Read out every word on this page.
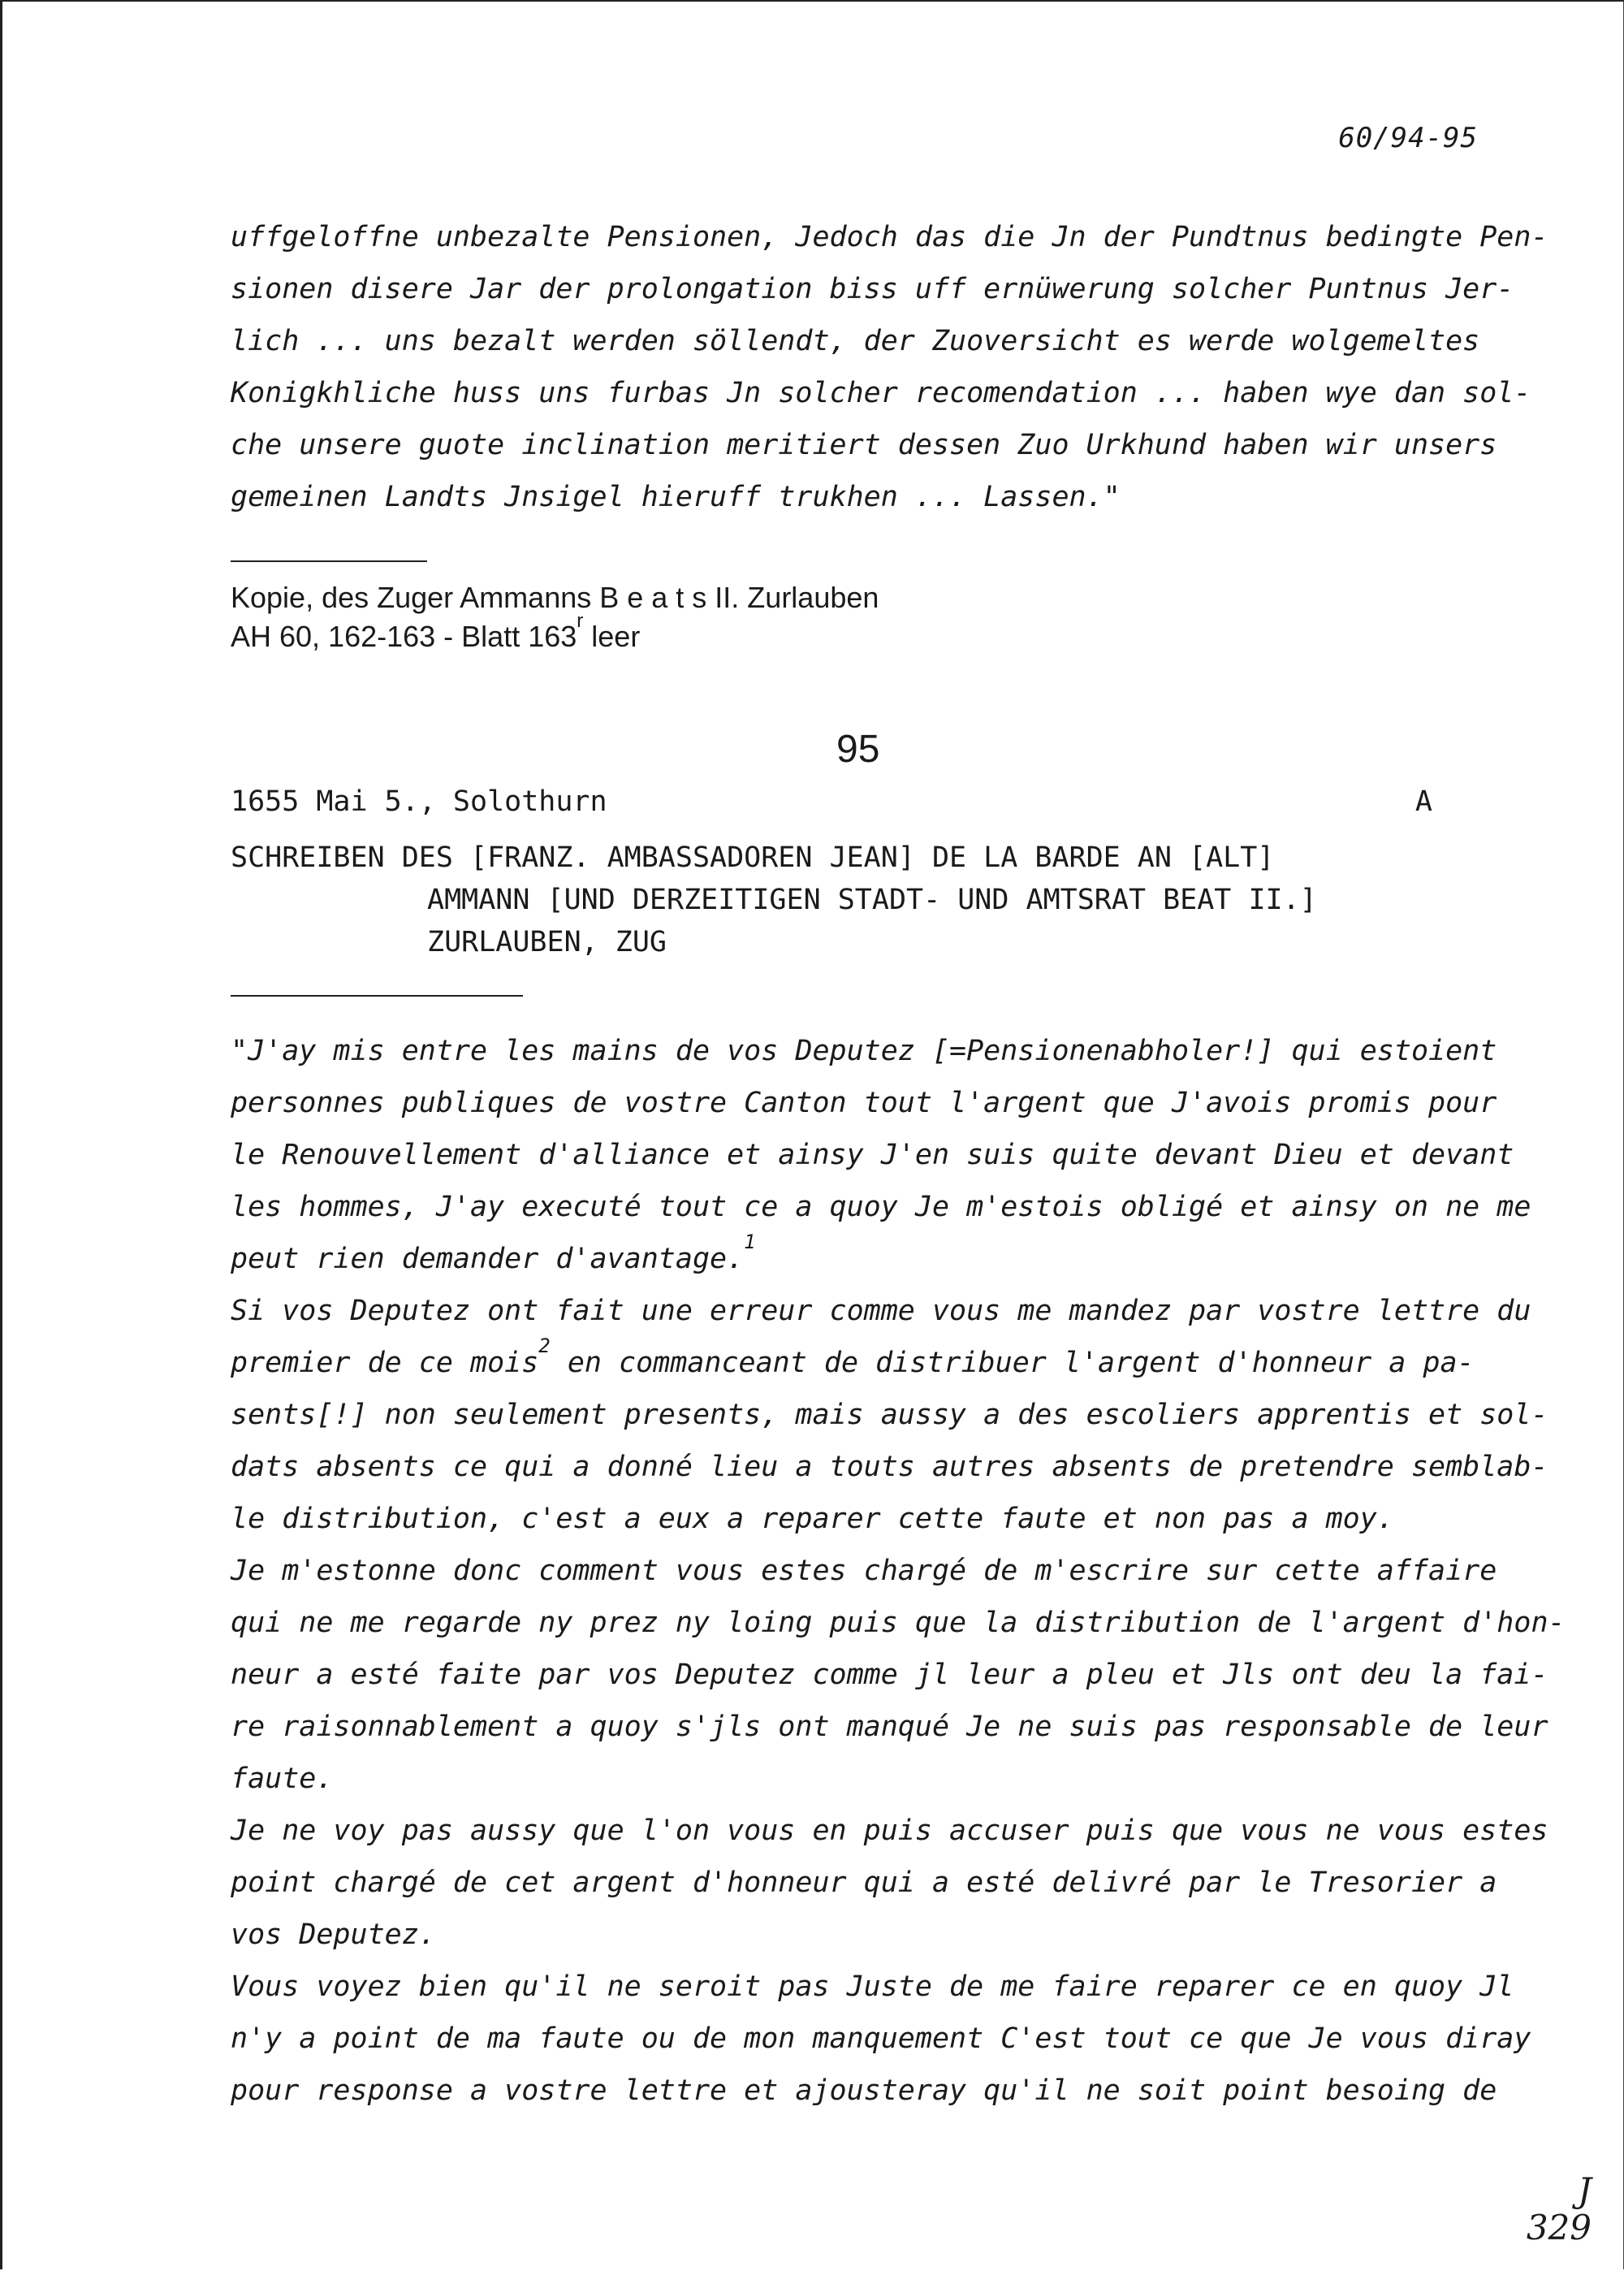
60/94-95
uffgeloffne unbezalte Pensionen, Jedoch das die Jn der Pundtnus bedingte Pen-
sionen disere Jar der prolongation biss uff ernüwerung solcher Puntnus Jer-
lich ... uns bezalt werden söllendt, der Zuoversicht es werde wolgemeltes
Konigkhliche huss uns furbas Jn solcher recomendation ... haben wye dan sol-
che unsere guote inclination meritiert dessen Zuo Urkhund haben wir unsers
gemeinen Landts Jnsigel hieruff trukhen ... Lassen."
Kopie, des Zuger Ammanns B e a t s II. Zurlauben
AH 60, 162-163 - Blatt 163$^r$ leer
95
1655 Mai 5., Solothurn	A
SCHREIBEN DES [FRANZ. AMBASSADOREN JEAN] DE LA BARDE AN [ALT]
AMMANN [UND DERZEITIGEN STADT- UND AMTSRAT BEAT II.]
ZURLAUBEN, ZUG
"J'ay mis entre les mains de vos Deputez [=Pensionenabholer!] qui estoient
personnes publiques de vostre Canton tout l'argent que J'avois promis pour
le Renouvellement d'alliance et ainsy J'en suis quite devant Dieu et devant
les hommes, J'ay executé tout ce a quoy Je m'estois obligé et ainsy on ne me
peut rien demander d'avantage.$^1$
Si vos Deputez ont fait une erreur comme vous me mandez par vostre lettre du
premier de ce mois$^2$ en commanceant de distribuer l'argent d'honneur a pa-
sents[!] non seulement presents, mais aussy a des escoliers apprentis et sol-
dats absents ce qui a donné lieu a touts autres absents de pretendre semblab-
le distribution, c'est a eux a reparer cette faute et non pas a moy.
Je m'estonne donc comment vous estes chargé de m'escrire sur cette affaire
qui ne me regarde ny prez ny loing puis que la distribution de l'argent d'hon-
neur a esté faite par vos Deputez comme jl leur a pleu et Jls ont deu la fai-
re raisonnablement a quoy s'jls ont manqué Je ne suis pas responsable de leur
faute.
Je ne voy pas aussy que l'on vous en puis accuser puis que vous ne vous estes
point chargé de cet argent d'honneur qui a esté delivré par le Tresorier a
vos Deputez.
Vous voyez bien qu'il ne seroit pas Juste de me faire reparer ce en quoy Jl
n'y a point de ma faute ou de mon manquement C'est tout ce que Je vous diray
pour response a vostre lettre et ajousteray qu'il ne soit point besoing de
J
329
